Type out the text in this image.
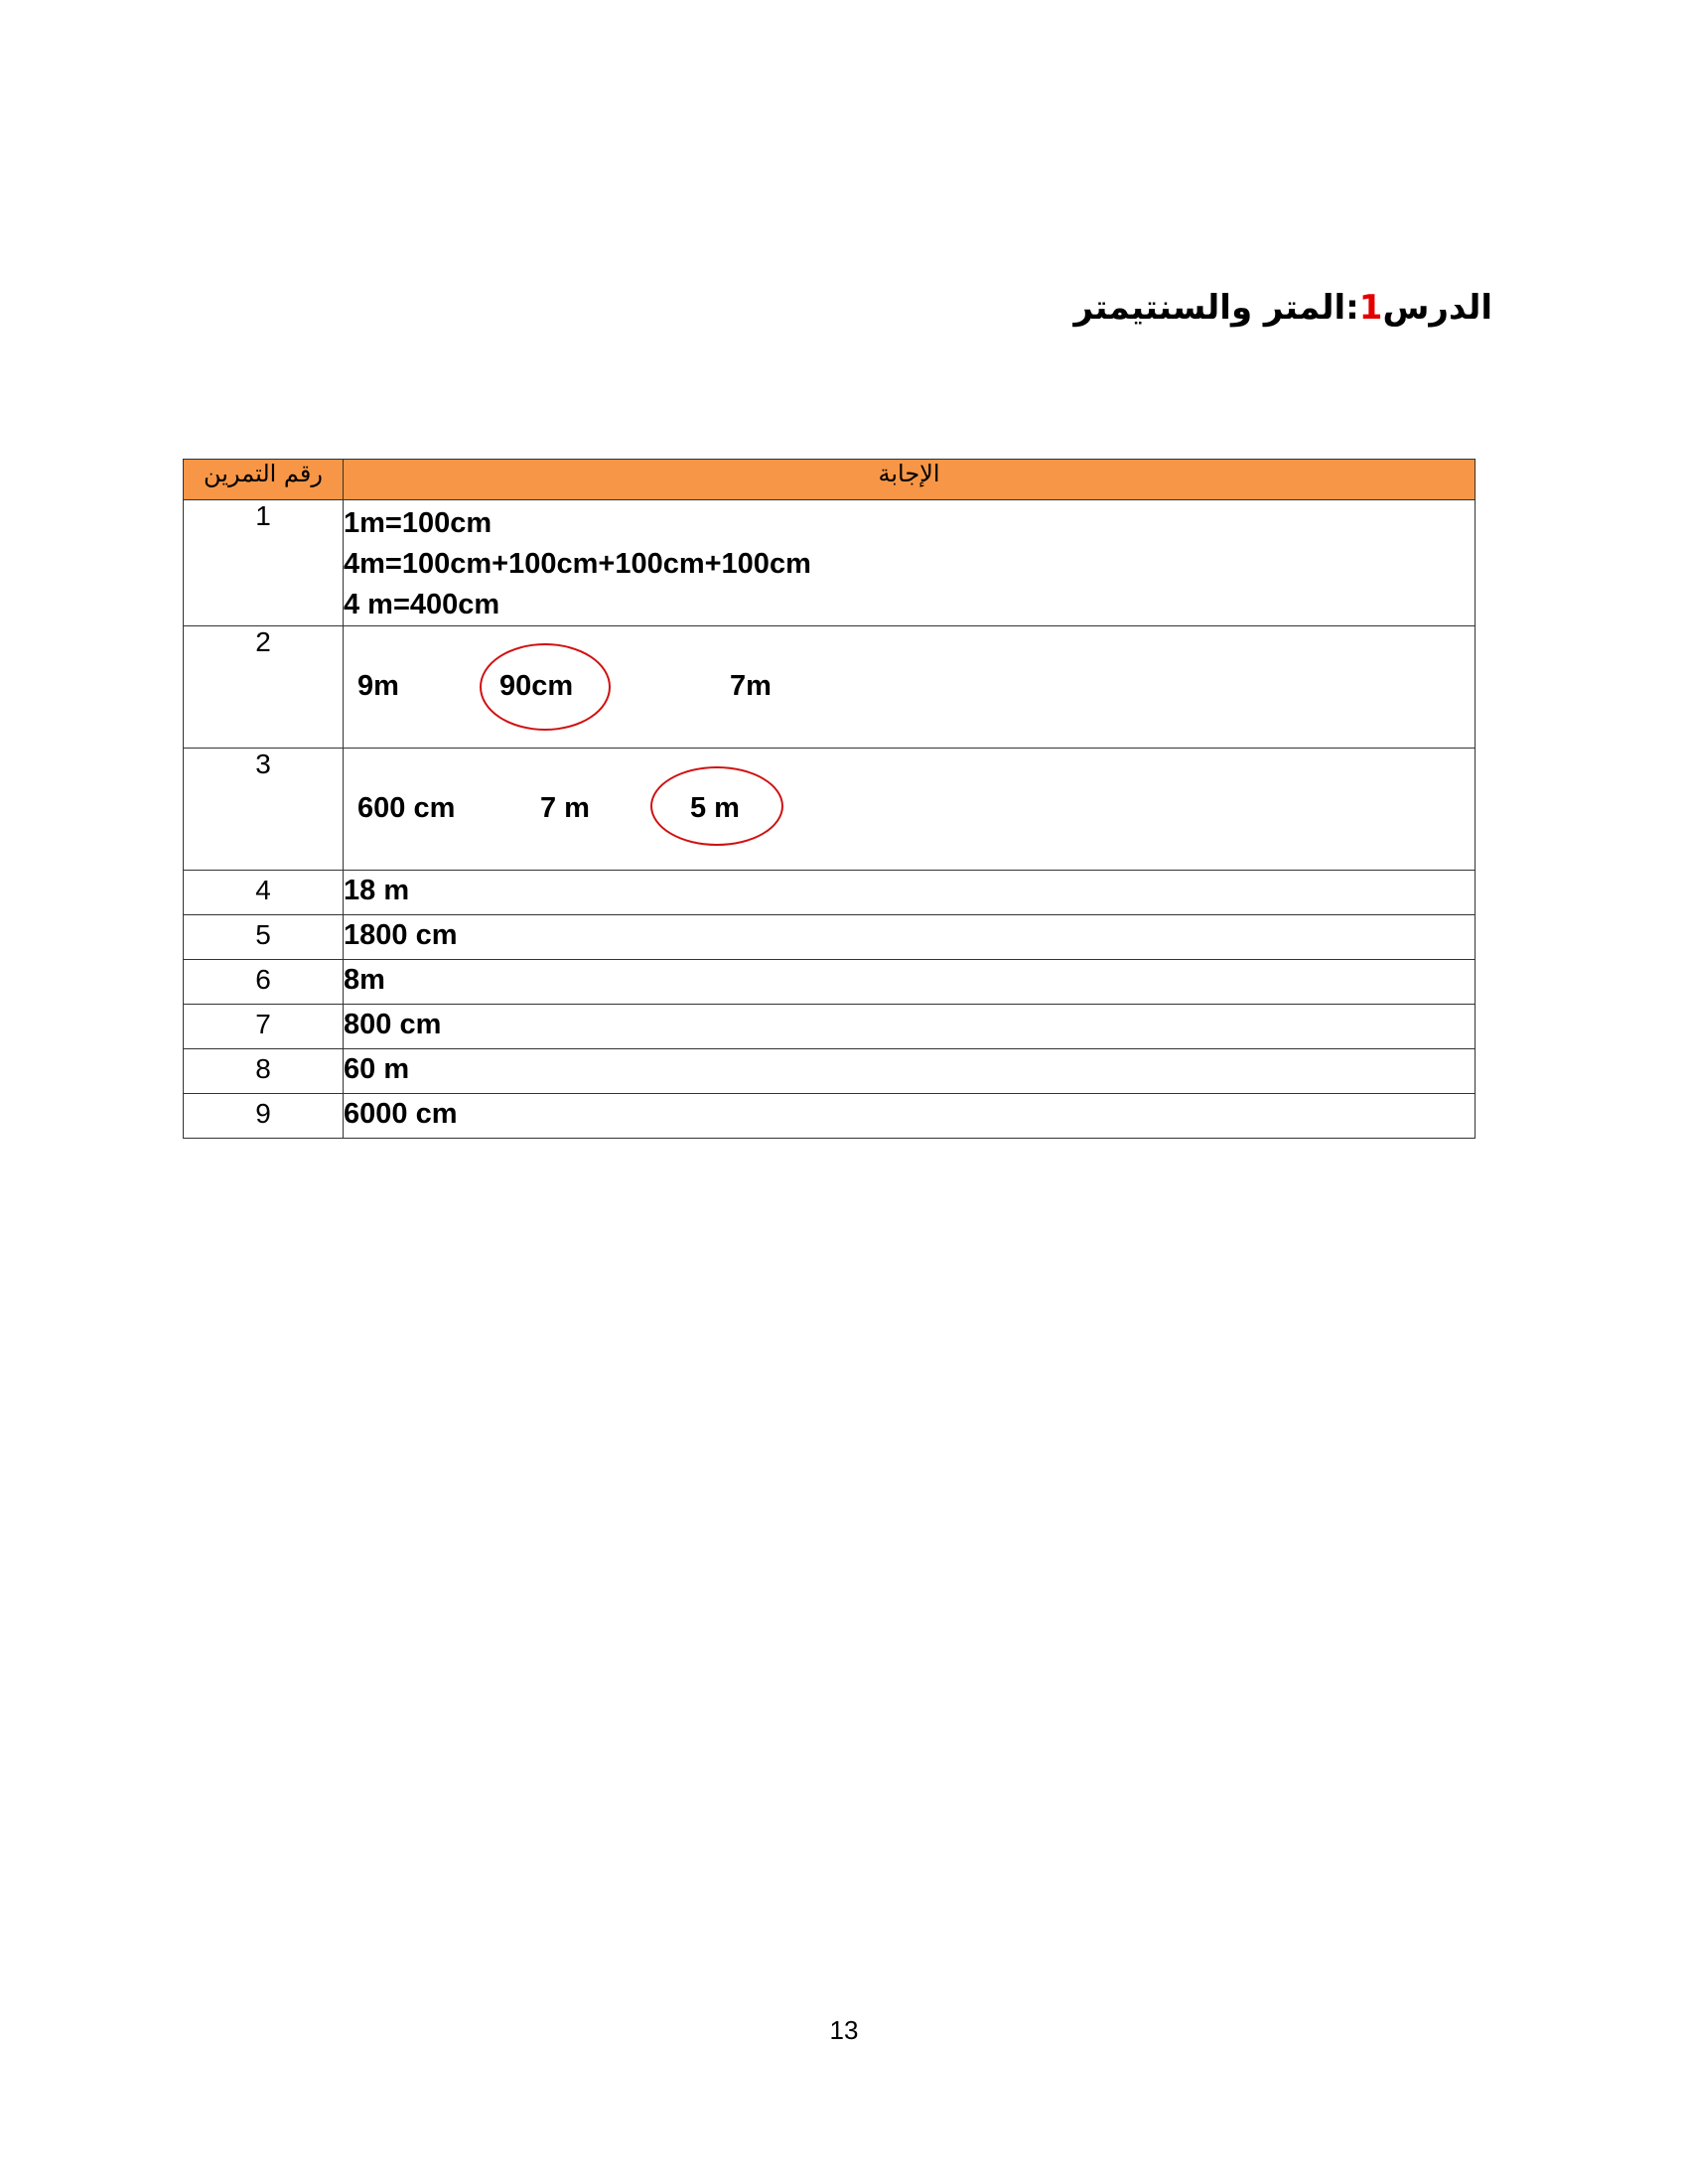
الدرس1:المتر والسنتيمتر
رقم التمرين	الإجابة
1	1m=100cm
4m=100cm+100cm+100cm+100cm
4 m=400cm

2	9m 90cm 7m

3	600 cm 7 m 5 m

4	18 m
5	1800 cm
6	8m
7	800 cm
8	60 m
9	6000 cm
13
